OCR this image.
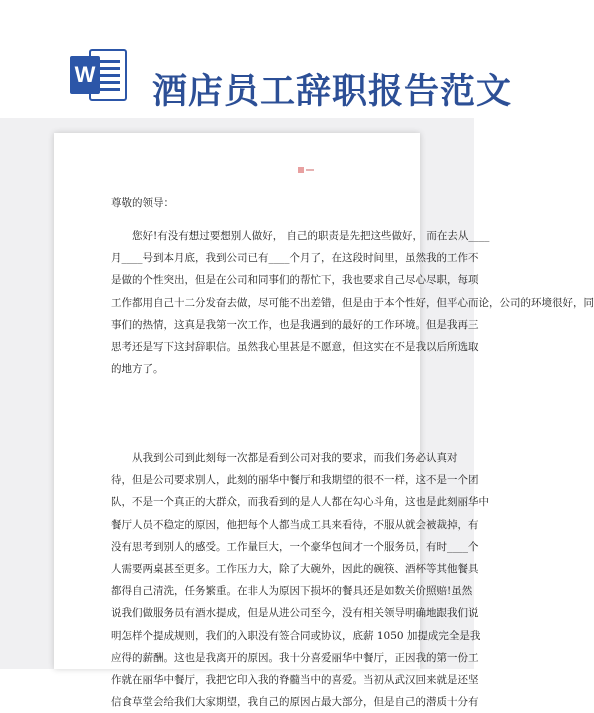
W 酒店员工辞职报告范文
尊敬的领导：
您好!有没有想过要想别人做好， 自己的职责是先把这些做好， 而在去从____
月____号到本月底，我到公司已有____个月了，在这段时间里，虽然我的工作不
是做的个性突出，但是在公司和同事们的帮忙下，我也要求自己尽心尽职，每项
工作都用自己十二分发奋去做，尽可能不出差错，但是由于本个性好，但平心而论，公司的环境很好，同
事们的热情，这真是我第一次工作，也是我遇到的最好的工作环境。但是我再三
思考还是写下这封辞职信。虽然我心里甚是不愿意，但这实在不是我以后所选取
的地方了。
从我到公司到此刻每一次都是看到公司对我的要求，而我们务必认真对
待，但是公司要求别人，此刻的丽华中餐厅和我期望的很不一样，这不是一个团
队，不是一个真正的大群众，而我看到的是人人都在勾心斗角，这也是此刻丽华中
餐厅人员不稳定的原因，他把每个人都当成工具来看待，不服从就会被裁掉，有
没有思考到别人的感受。工作量巨大，一个豪华包间才一个服务员，有时____个
人需要两桌甚至更多。工作压力大，除了大碗外，因此的碗筷、酒杯等其他餐具
都得自己清洗，任务繁重。在非人为原因下损坏的餐具还是如数关价照赔!虽然
说我们做服务员有酒水提成，但是从进公司至今，没有相关领导明确地跟我们说
明怎样个提成规则，我们的入职没有签合同或协议，底薪 1050 加提成完全是我
应得的薪酬。这也是我离开的原因。我十分喜爱丽华中餐厅，正因我的第一份工
作就在丽华中餐厅，我把它印入我的脊髓当中的喜爱。当初从武汉回来就是还坚
信食草堂会给我们大家期望，我自己的原因占最大部分，但是自己的潜质十分有
